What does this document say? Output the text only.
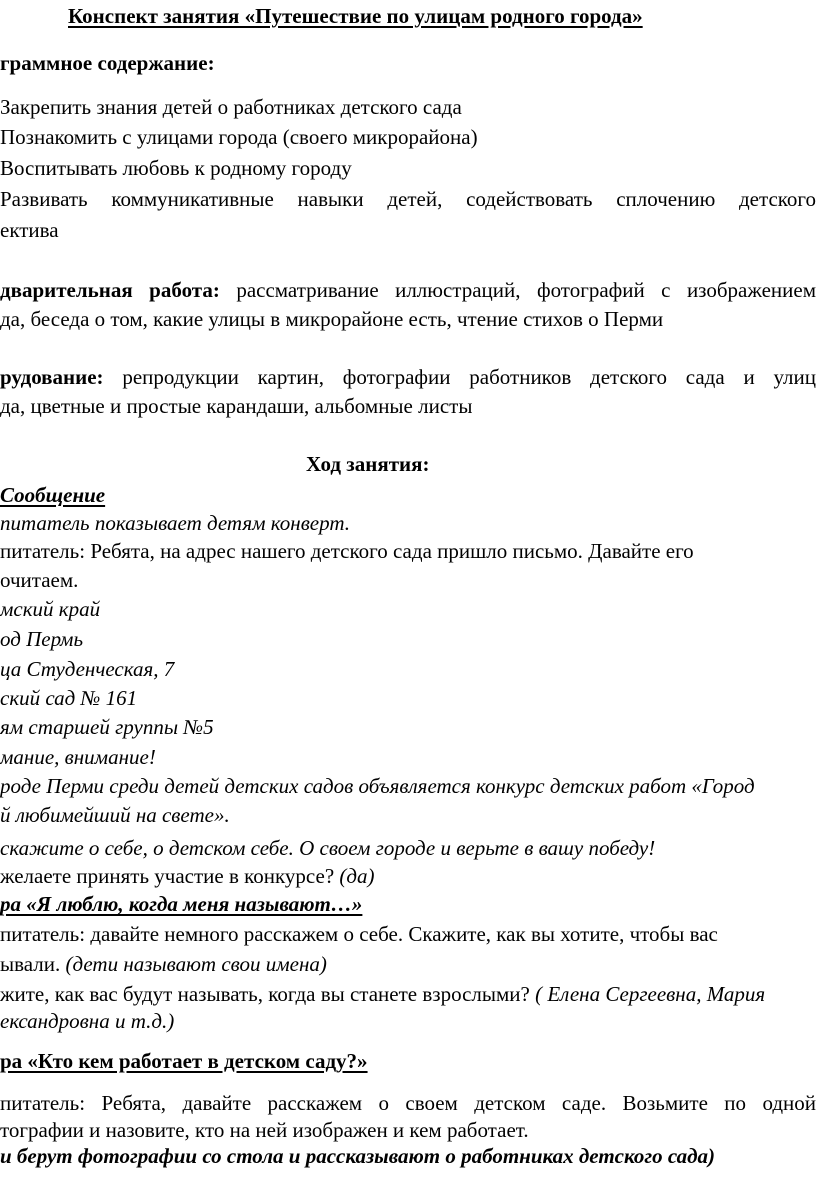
Конспект занятия «Путешествие по улицам родного города»
граммное содержание:
Закрепить знания детей о работниках детского сада
Познакомить с улицами города (своего микрорайона)
Воспитывать любовь к родному городу
Развивать коммуникативные навыки детей, содействовать сплочению детского
ектива
дварительная работа: рассматривание иллюстраций, фотографий с изображением
да, беседа о том, какие улицы в микрорайоне есть, чтение стихов о Перми
рудование: репродукции картин, фотографии работников детского сада и улиц
да, цветные и простые карандаши, альбомные листы
Ход занятия:
Сообщение
питатель показывает детям конверт.
питатель: Ребята, на адрес нашего детского сада пришло письмо. Давайте его
очитаем.
мский край
од Пермь
ца Студенческая, 7
ский сад № 161
ям старшей группы №5
мание, внимание!
роде Перми среди детей детских садов объявляется конкурс детских работ «Город
й любимейший на свете».
скажите о себе, о детском себе. О своем городе и верьте в вашу победу!
желаете принять участие в конкурсе? (да)
ра «Я люблю, когда меня называют…»
питатель: давайте немного расскажем о себе. Скажите, как вы хотите, чтобы вас
ывали. (дети называют свои имена)
жите, как вас будут называть, когда вы станете взрослыми? ( Елена Сергеевна, Мария
ександровна и т.д.)
ра «Кто кем работает в детском саду?»
питатель: Ребята, давайте расскажем о своем детском саде. Возьмите по одной
тографии и назовите, кто на ней изображен и кем работает.
и берут фотографии со стола и рассказывают о работниках детского сада)
